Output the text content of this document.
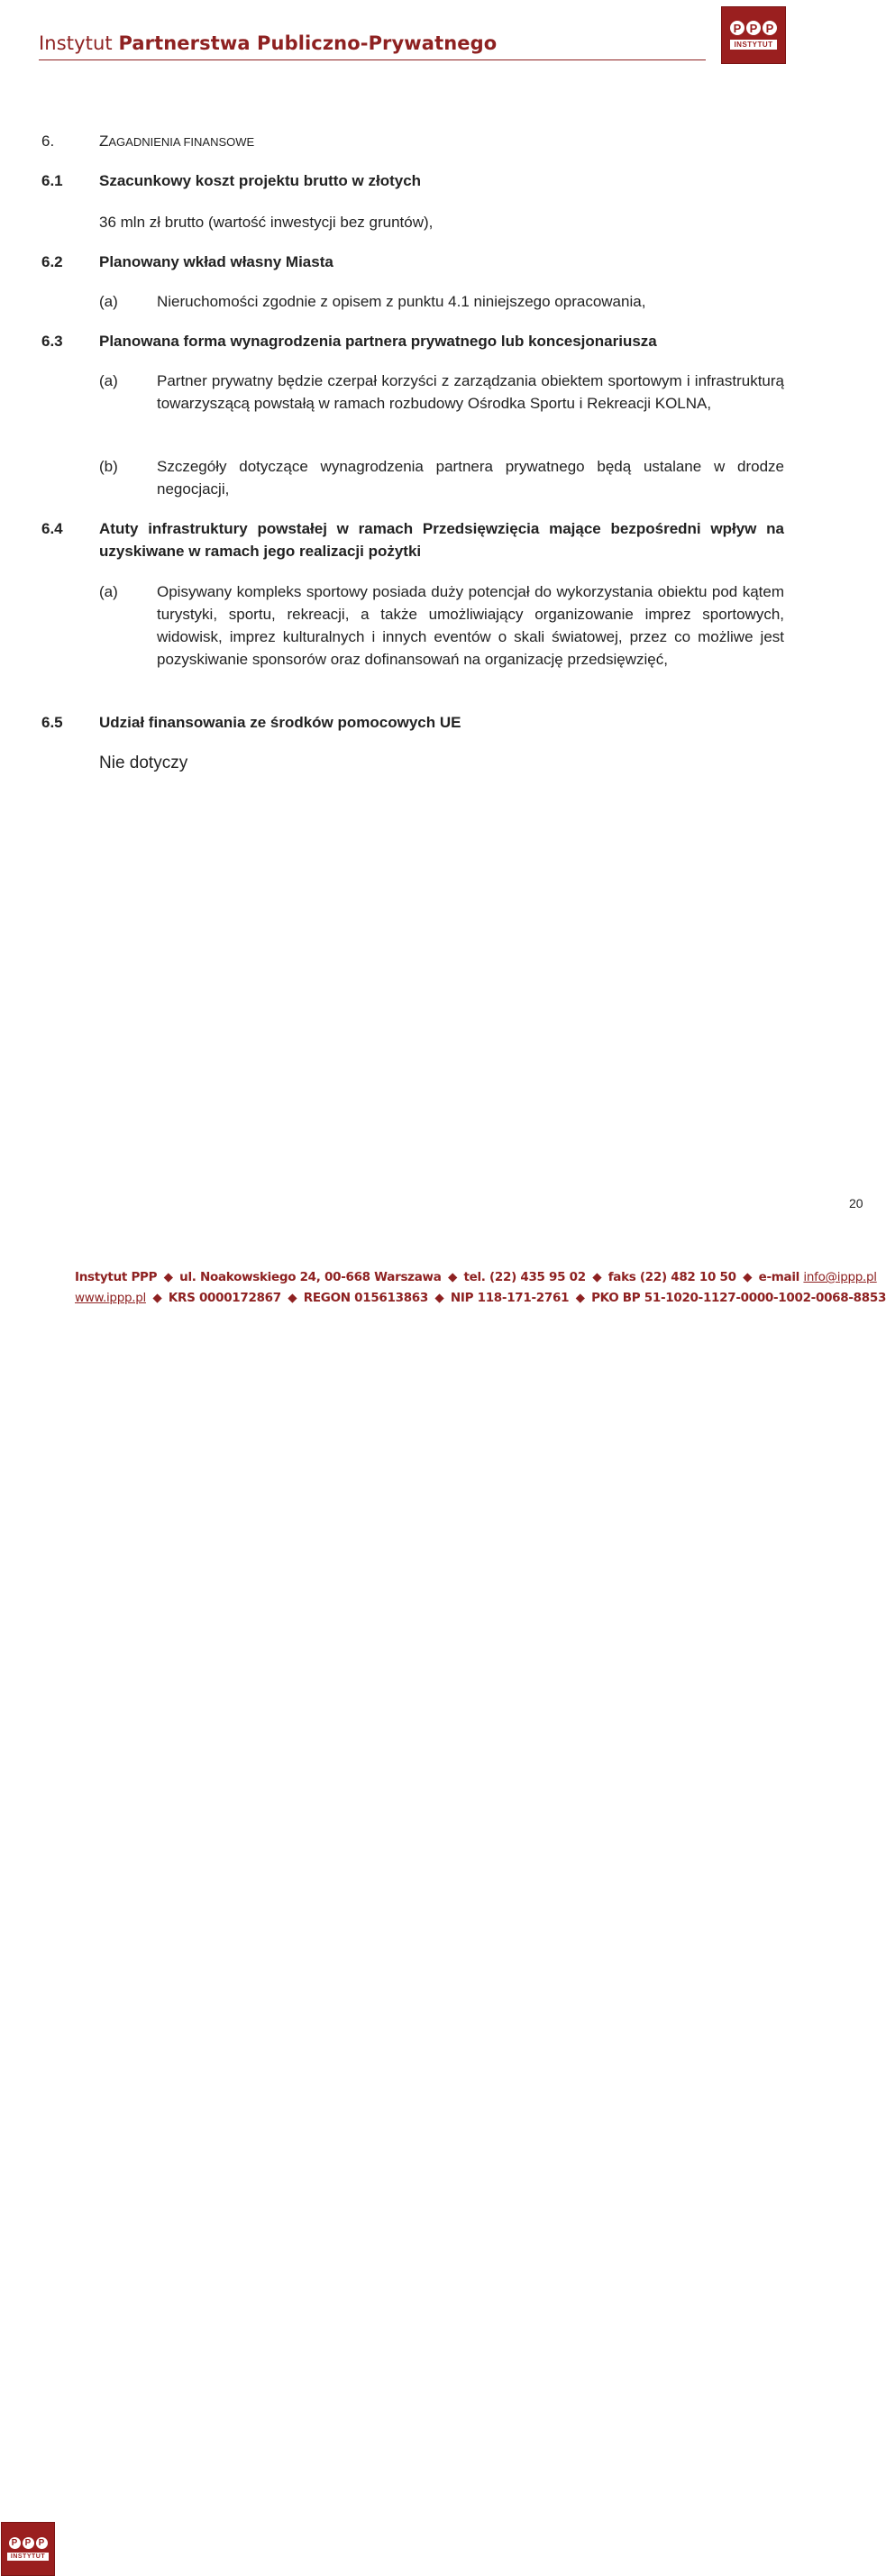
Instytut Partnerstwa Publiczno-Prywatnego
P P P
INSTYTUT
6.	ZAGADNIENIA FINANSOWE
6.1 Szacunkowy koszt projektu brutto w złotych
36 mln zł brutto (wartość inwestycji bez gruntów),
6.2 Planowany wkład własny Miasta
(a)	Nieruchomości zgodnie z opisem z punktu 4.1 niniejszego opracowania,
6.3 Planowana forma wynagrodzenia partnera prywatnego lub koncesjonariusza
(a)	Partner prywatny będzie czerpał korzyści z zarządzania obiektem sportowym i infrastrukturą towarzyszącą powstałą w ramach rozbudowy Ośrodka Sportu i Rekreacji KOLNA,
(b)	Szczegóły dotyczące wynagrodzenia partnera prywatnego będą ustalane w drodze negocjacji,
6.4 Atuty infrastruktury powstałej w ramach Przedsięwzięcia mające bezpośredni wpływ na uzyskiwane w ramach jego realizacji pożytki
(a)	Opisywany kompleks sportowy posiada duży potencjał do wykorzystania obiektu pod kątem turystyki, sportu, rekreacji, a także umożliwiający organizowanie imprez sportowych, widowisk, imprez kulturalnych i innych eventów o skali światowej, przez co możliwe jest pozyskiwanie sponsorów oraz dofinansowań na organizację przedsięwzięć,
6.5 Udział finansowania ze środków pomocowych UE
Nie dotyczy
20
P P P
INSTYTUT
Instytut PPP ◆ ul. Noakowskiego 24, 00-668 Warszawa ◆ tel. (22) 435 95 02 ◆ faks (22) 482 10 50 ◆ e-mail info@ippp.pl
www.ippp.pl ◆ KRS 0000172867 ◆ REGON 015613863 ◆ NIP 118-171-2761 ◆ PKO BP 51-1020-1127-0000-1002-0068-8853
